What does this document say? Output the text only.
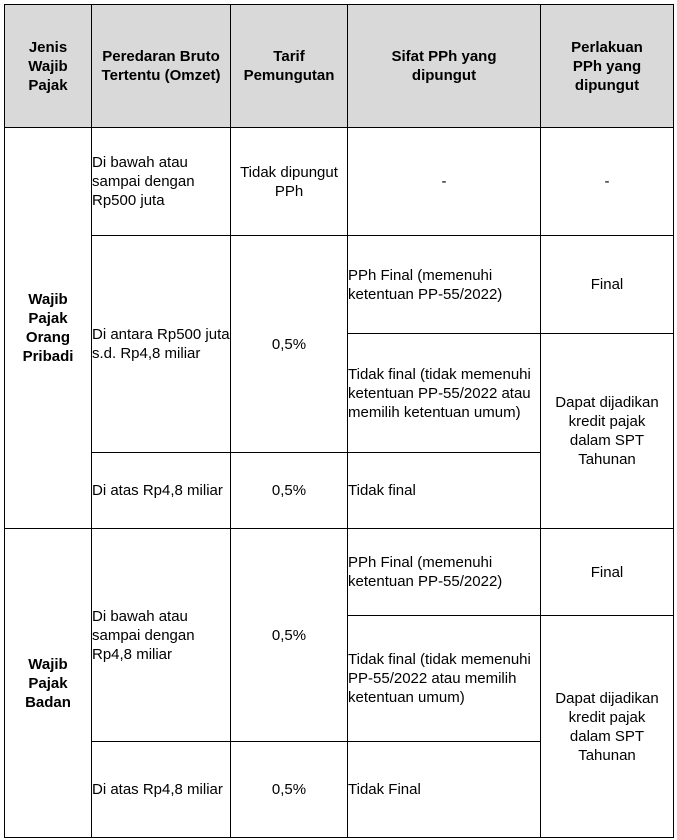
Jenis Wajib Pajak	Peredaran Bruto Tertentu (Omzet)	Tarif Pemungutan	Sifat PPh yang dipungut	Perlakuan PPh yang dipungut

Wajib Pajak Orang Pribadi	Di bawah atau sampai dengan Rp500 juta	Tidak dipungut PPh	-	-

	Di antara Rp500 juta s.d. Rp4,8 miliar	0,5%	PPh Final (memenuhi ketentuan PP-55/2022)	Final

			Tidak final (tidak memenuhi ketentuan PP-55/2022 atau memilih ketentuan umum)	Dapat dijadikan kredit pajak dalam SPT Tahunan

	Di atas Rp4,8 miliar	0,5%	Tidak final	

Wajib Pajak Badan	Di bawah atau sampai dengan Rp4,8 miliar	0,5%	PPh Final (memenuhi ketentuan PP-55/2022)	Final

			Tidak final (tidak memenuhi PP-55/2022 atau memilih ketentuan umum)	Dapat dijadikan kredit pajak dalam SPT Tahunan

	Di atas Rp4,8 miliar	0,5%	Tidak Final	
